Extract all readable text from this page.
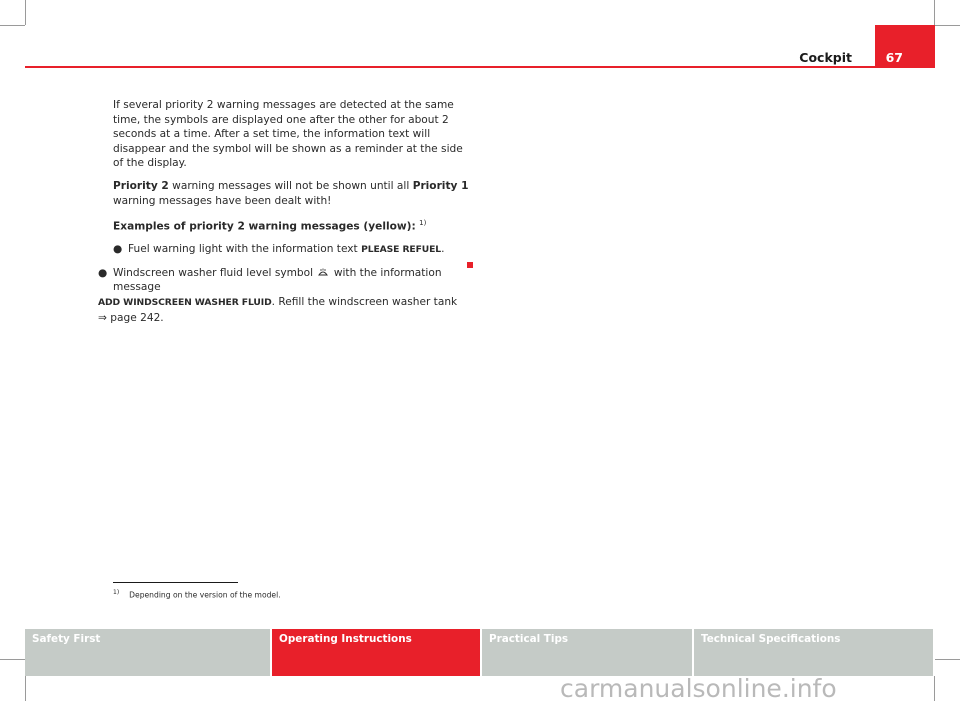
Cockpit	67

If several priority 2 warning messages are detected at the same time, the symbols are displayed one after the other for about 2 seconds at a time. After a set time, the information text will disappear and the symbol will be shown as a reminder at the side of the display.

Priority 2 warning messages will not be shown until all Priority 1 warning messages have been dealt with!

Examples of priority 2 warning messages (yellow): $^{1)}$

● Fuel warning light with the information text PLEASE REFUEL.
● Windscreen washer fluid level symbol with the information message
ADD WINDSCREEN WASHER FLUID. Refill the windscreen washer tank
⇒ page 242.
$^{1)}$ Depending on the version of the model.
Safety First	Operating Instructions	Practical Tips	Technical Specifications
carmanualsonline.info
